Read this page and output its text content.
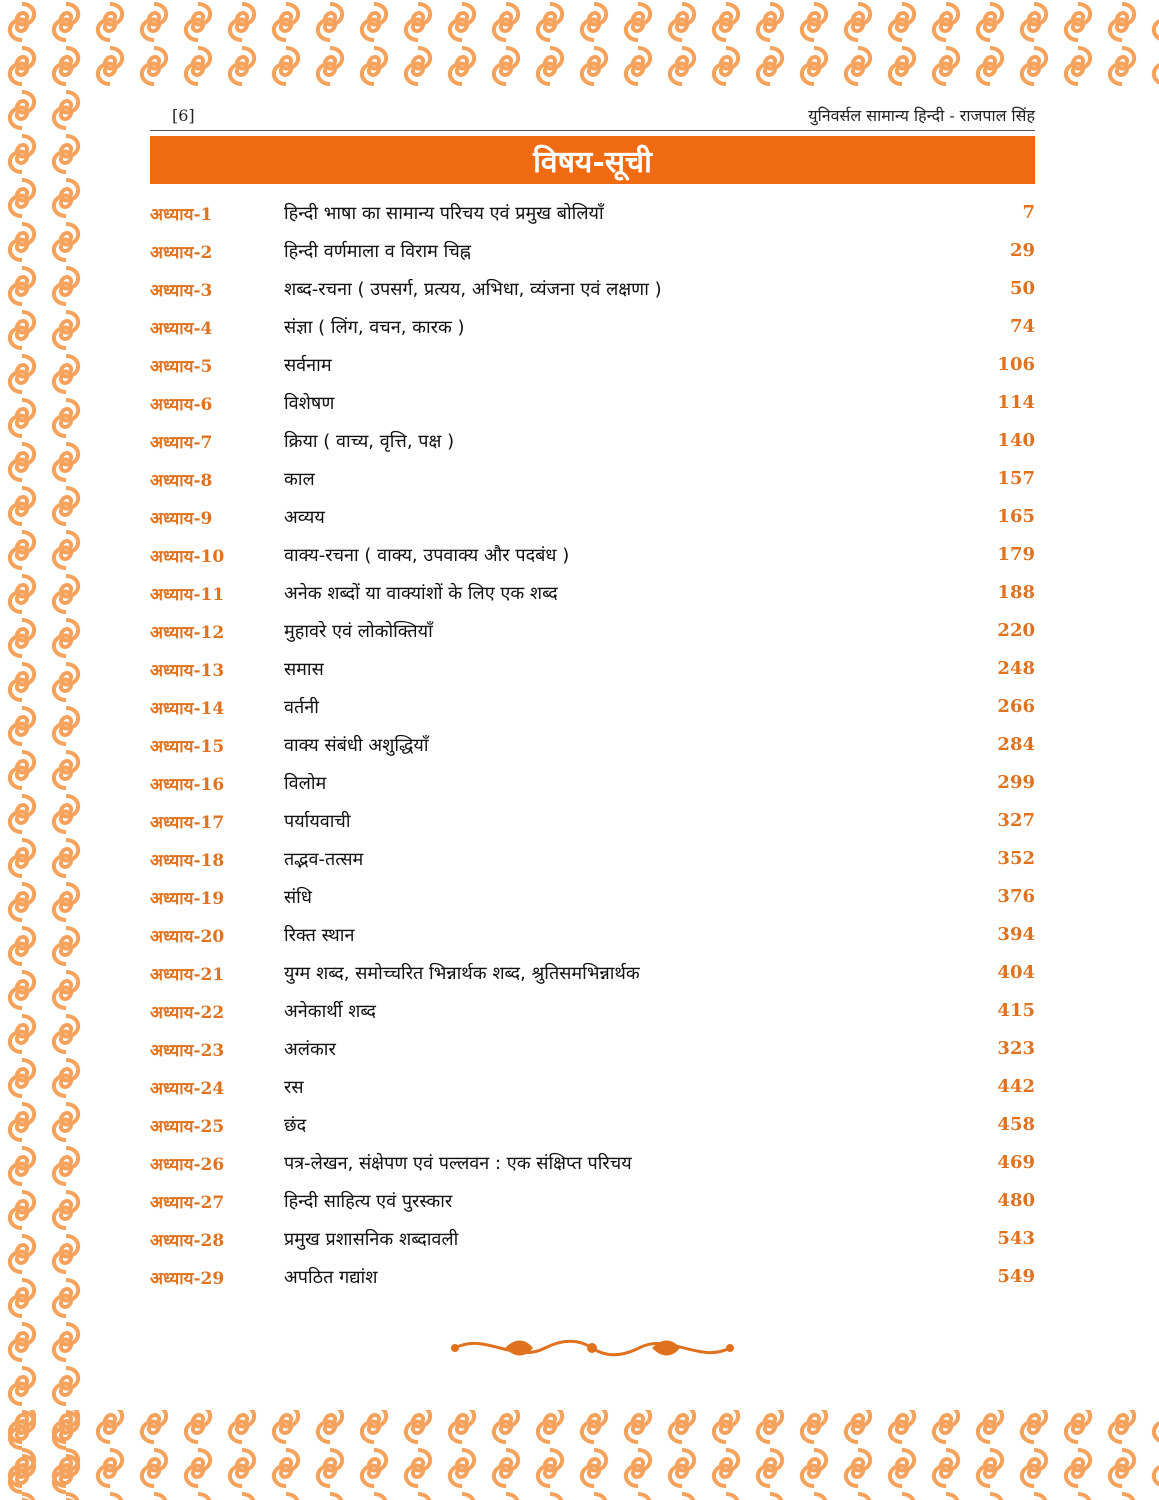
[6]	युनिवर्सल सामान्य हिन्दी - राजपाल सिंह
विषय-सूची
अध्याय-1	हिन्दी भाषा का सामान्य परिचय एवं प्रमुख बोलियाँ	7
अध्याय-2	हिन्दी वर्णमाला व विराम चिह्न	29
अध्याय-3	शब्द-रचना ( उपसर्ग, प्रत्यय, अभिधा, व्यंजना एवं लक्षणा )	50
अध्याय-4	संज्ञा ( लिंग, वचन, कारक )	74
अध्याय-5	सर्वनाम	106
अध्याय-6	विशेषण	114
अध्याय-7	क्रिया ( वाच्य, वृत्ति, पक्ष )	140
अध्याय-8	काल	157
अध्याय-9	अव्यय	165
अध्याय-10	वाक्य-रचना ( वाक्य, उपवाक्य और पदबंध )	179
अध्याय-11	अनेक शब्दों या वाक्यांशों के लिए एक शब्द	188
अध्याय-12	मुहावरे एवं लोकोक्तियाँ	220
अध्याय-13	समास	248
अध्याय-14	वर्तनी	266
अध्याय-15	वाक्य संबंधी अशुद्धियाँ	284
अध्याय-16	विलोम	299
अध्याय-17	पर्यायवाची	327
अध्याय-18	तद्भव-तत्सम	352
अध्याय-19	संधि	376
अध्याय-20	रिक्त स्थान	394
अध्याय-21	युग्म शब्द, समोच्चरित भिन्नार्थक शब्द, श्रुतिसमभिन्नार्थक	404
अध्याय-22	अनेकार्थी शब्द	415
अध्याय-23	अलंकार	323
अध्याय-24	रस	442
अध्याय-25	छंद	458
अध्याय-26	पत्र-लेखन, संक्षेपण एवं पल्लवन : एक संक्षिप्त परिचय	469
अध्याय-27	हिन्दी साहित्य एवं पुरस्कार	480
अध्याय-28	प्रमुख प्रशासनिक शब्दावली	543
अध्याय-29	अपठित गद्यांश	549
